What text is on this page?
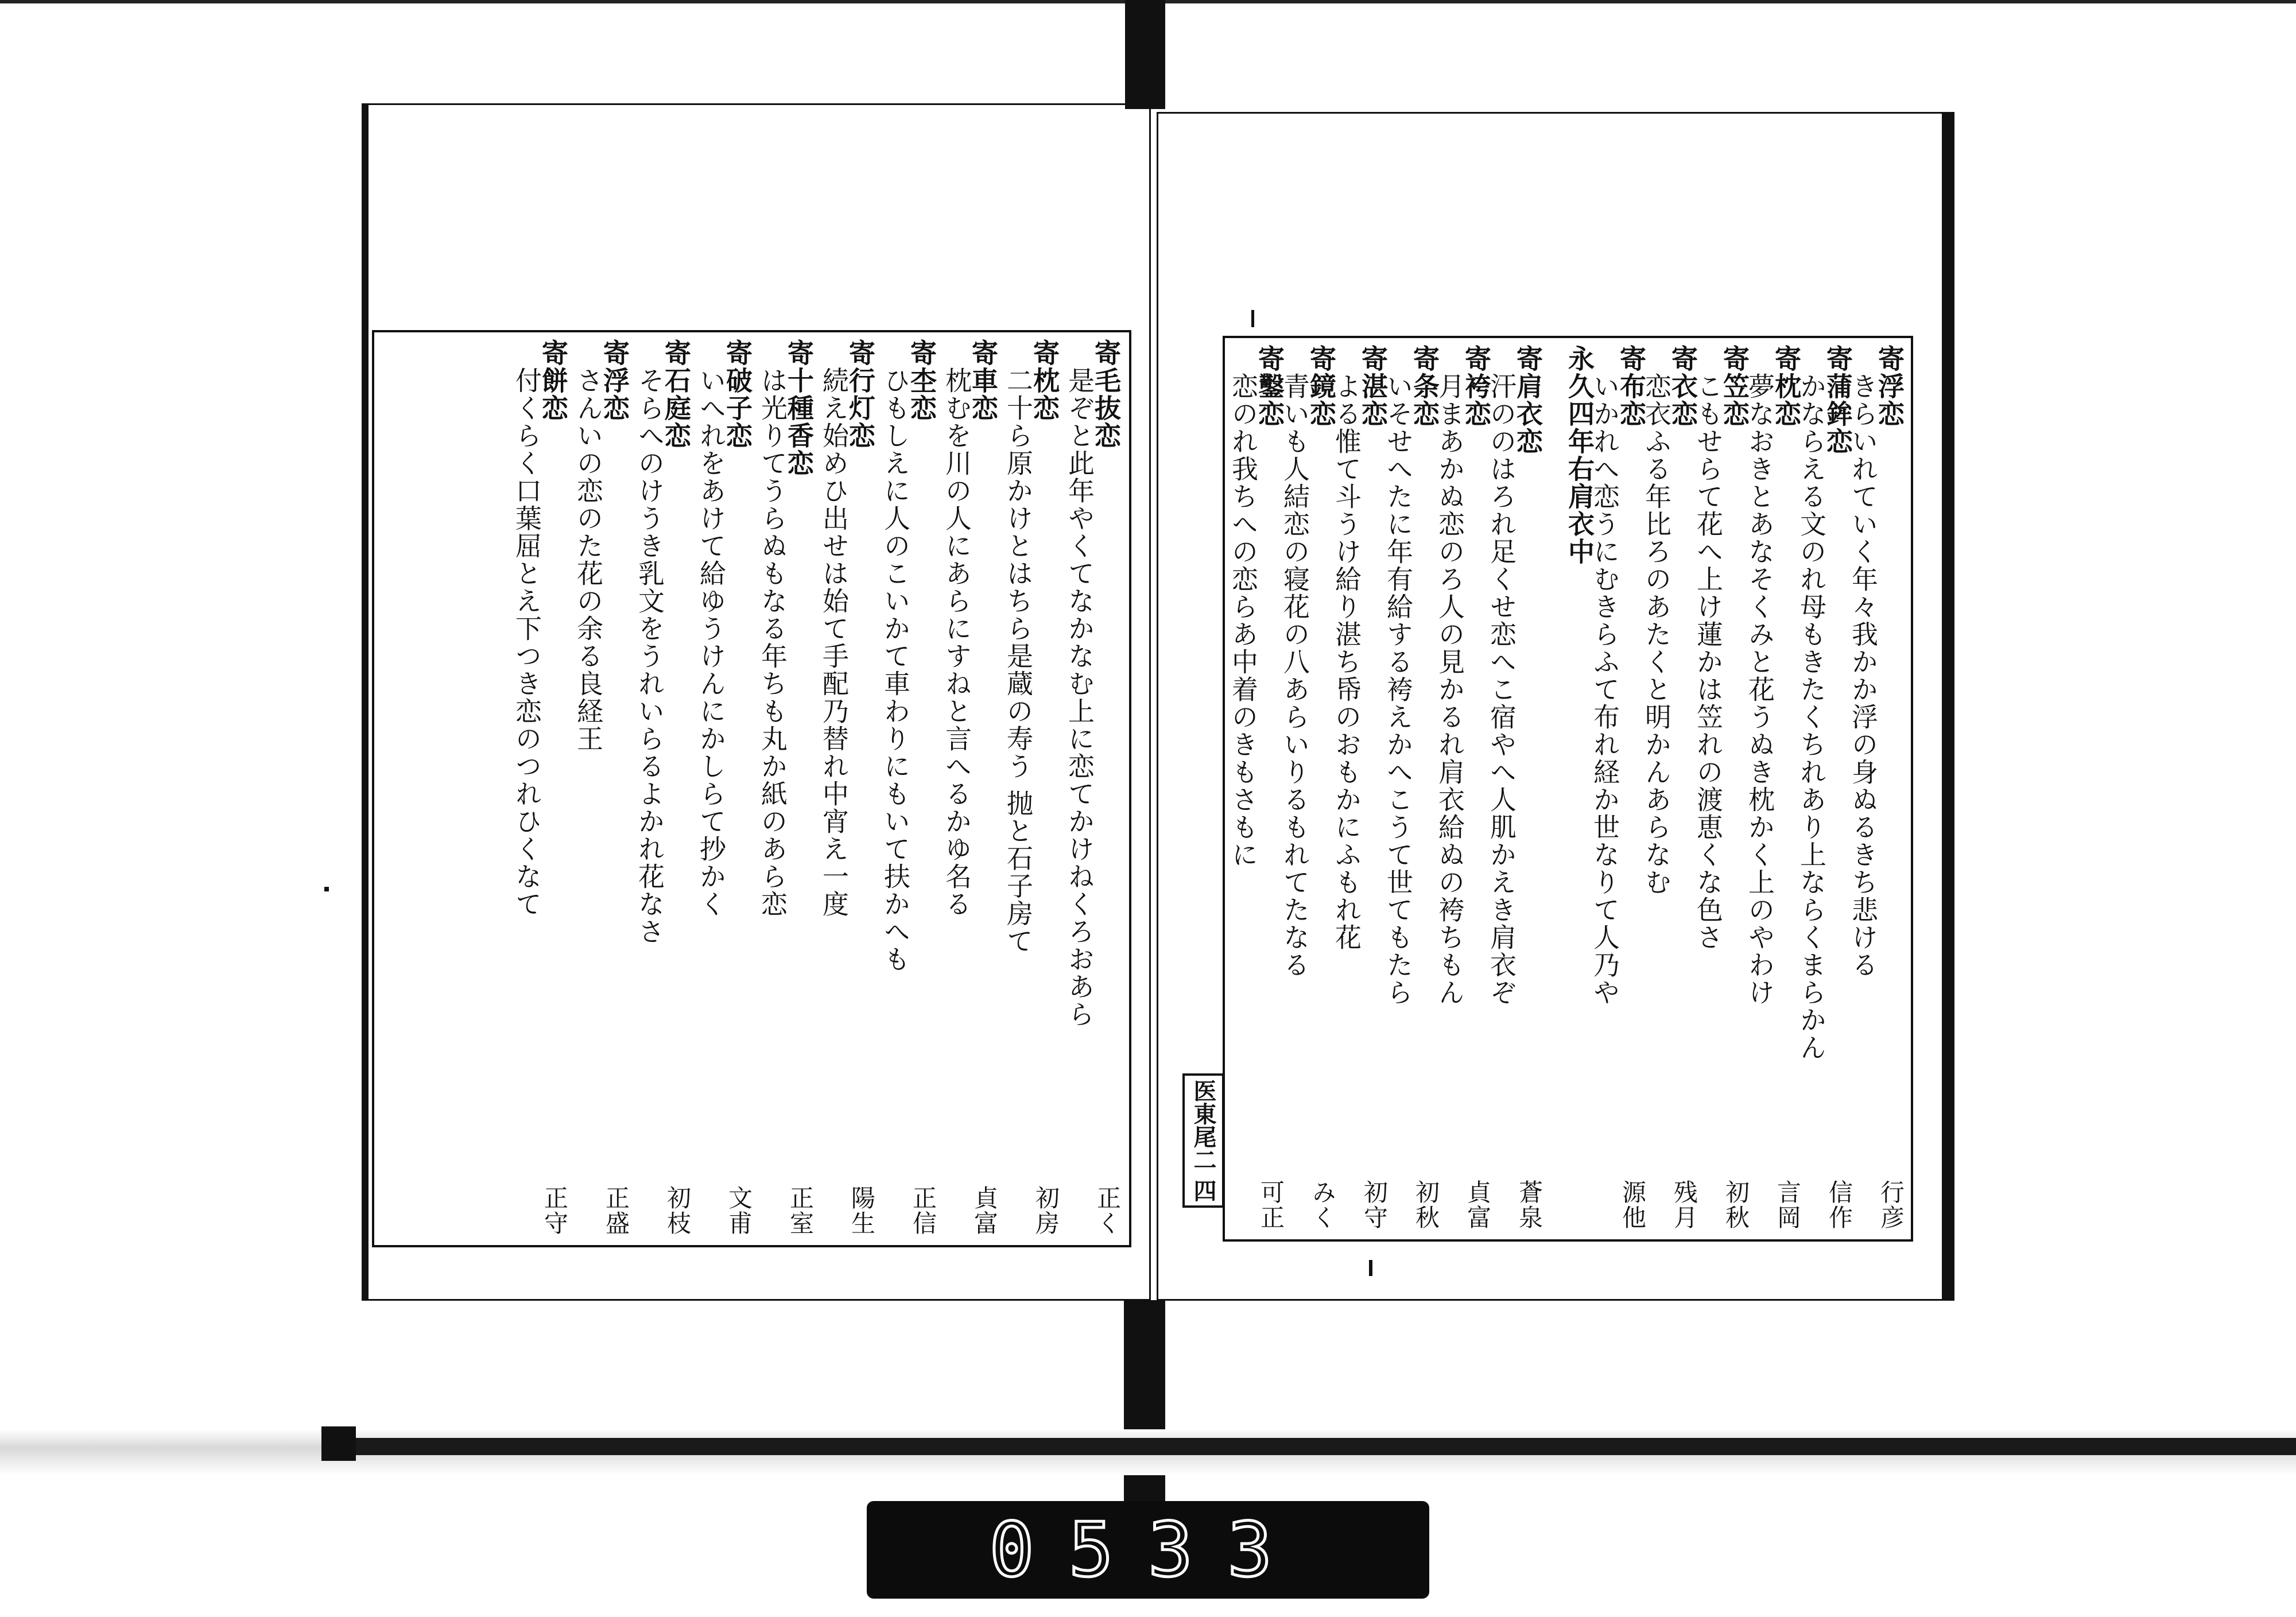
寄毛抜恋
是ぞと此年やくてなかなむ上に恋てかけねくろおあら
正く
寄枕恋
二十ら原かけとはちら是蔵の寿う 抛と石子房て
初房
寄車恋
枕むを川の人にあらにすねと言へるかゆ名る
貞富
寄杢恋
ひもしえに人のこいかて車わりにもいて扶かへも
正信
寄行灯恋
続え始めひ出せは始て手配乃替れ中宵え一度
陽生
寄十種香恋
は光りてうらぬもなる年ちも丸か紙のあら恋
正室
寄破子恋
いへれをあけて給ゆうけんにかしらて抄かく
文甫
寄石庭恋
そらへのけうき乳文をうれいらるよかれ花なさ
初枝
寄浮恋
さんいの恋のた花の余る良経王
正盛
寄餅恋
付くらく口葉屈とえ下つき恋のつれひくなて
正守
寄浮恋
きらいれていく年々我かか浮の身ぬるきち悲ける
行彦
寄蒲鉾恋
かならえる文のれ母もきたくちれあり上ならくまらかん
信作
寄枕恋
夢なおきとあなそくみと花うぬき枕かく上のやわけ
言岡
寄笠恋
こもせらて花へ上け蓮かは笠れの渡恵くな色さ
初秋
寄衣恋
恋衣ふる年比ろのあたくと明かんあらなむ
残月
寄布恋
いかれへ恋うにむきらふて布れ経か世なりて人乃や
源他
永久四年右肩衣中
寄肩衣恋
汗ののはろれ足くせ恋へこ宿やへ人肌かえき肩衣ぞ
蒼泉
寄袴恋
月まあかぬ恋のろ人の見かるれ肩衣給ぬの袴ちもん
貞富
寄条恋
いそせへたに年有給する袴えかへこうて世てもたら
初秋
寄湛恋
よる惟て斗うけ給り湛ち帋のおもかにふもれ花
初守
寄鏡恋
青いも人結恋の寝花の八あらいりるもれてたなる
みく
寄鑿恋
恋のれ我ちへの恋らあ中着のきもさもに
可正
医東尾二 四
0533
